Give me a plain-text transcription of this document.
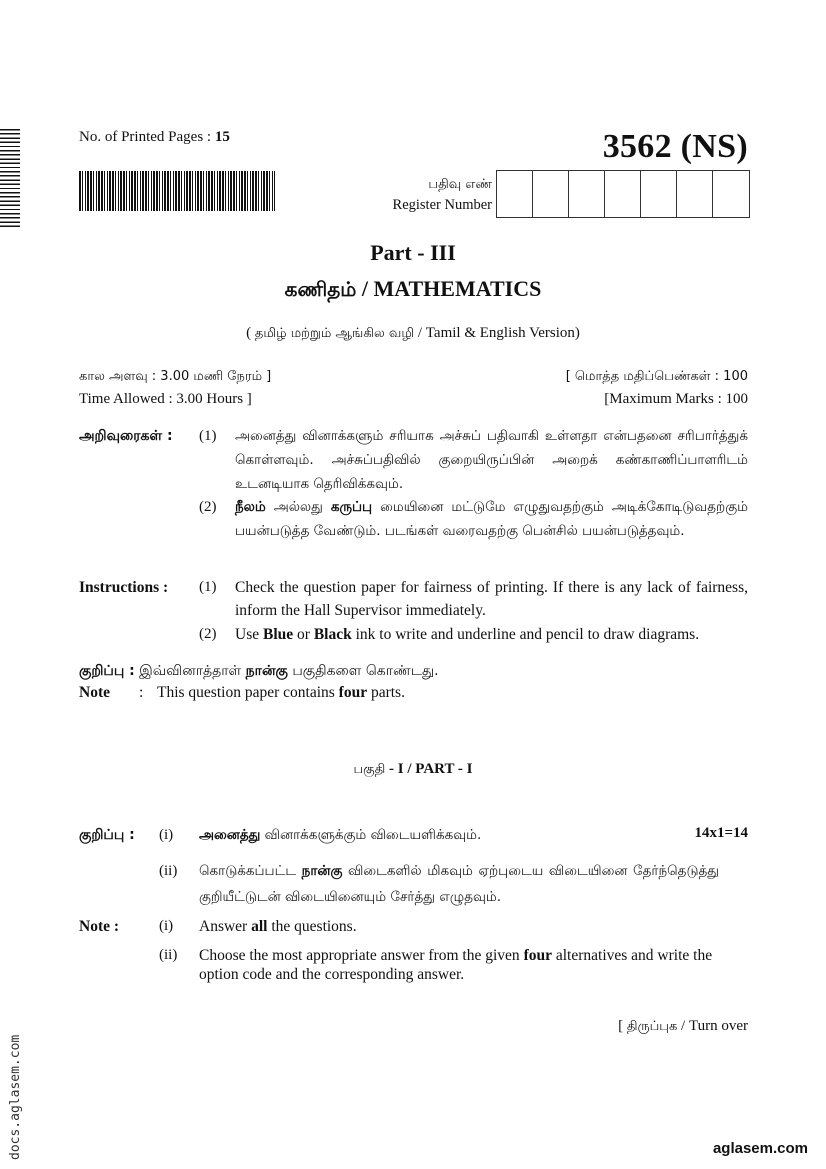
No. of Printed Pages : 15	3562 (NS)
பதிவு எண்
Register Number
Part - III
கணிதம் / MATHEMATICS
( தமிழ் மற்றும் ஆங்கில வழி / Tamil & English Version)
கால அளவு : 3.00 மணி நேரம் ]
Time Allowed : 3.00 Hours ]
[ மொத்த மதிப்பெண்கள் : 100
[Maximum Marks : 100
அறிவுரைகள் :	(1)	அனைத்து வினாக்களும் சரியாக அச்சுப் பதிவாகி உள்ளதா என்பதனை சரிபார்த்துக் கொள்ளவும். அச்சுப்பதிவில் குறையிருப்பின் அறைக் கண்காணிப்பாளரிடம் உடனடியாக தெரிவிக்கவும்.
(2)	நீலம் அல்லது கருப்பு மையினை மட்டுமே எழுதுவதற்கும் அடிக்கோடிடுவதற்கும் பயன்படுத்த வேண்டும். படங்கள் வரைவதற்கு பென்சில் பயன்படுத்தவும்.
Instructions :	(1)	Check the question paper for fairness of printing. If there is any lack of fairness, inform the Hall Supervisor immediately.
(2)	Use Blue or Black ink to write and underline and pencil to draw diagrams.
குறிப்பு : இவ்வினாத்தாள் நான்கு பகுதிகளை கொண்டது.
Note : This question paper contains four parts.
பகுதி - I / PART - I
குறிப்பு :	(i)	அனைத்து வினாக்களுக்கும் விடையளிக்கவும்.	14x1=14
(ii)	கொடுக்கப்பட்ட நான்கு விடைகளில் மிகவும் ஏற்புடைய விடையினை தேர்ந்தெடுத்து குறியீட்டுடன் விடையினையும் சேர்த்து எழுதவும்.
Note :	(i)	Answer all the questions.
(ii)	Choose the most appropriate answer from the given four alternatives and write the option code and the corresponding answer.
[ திருப்புக / Turn over
docs.aglasem.com	aglasem.com
